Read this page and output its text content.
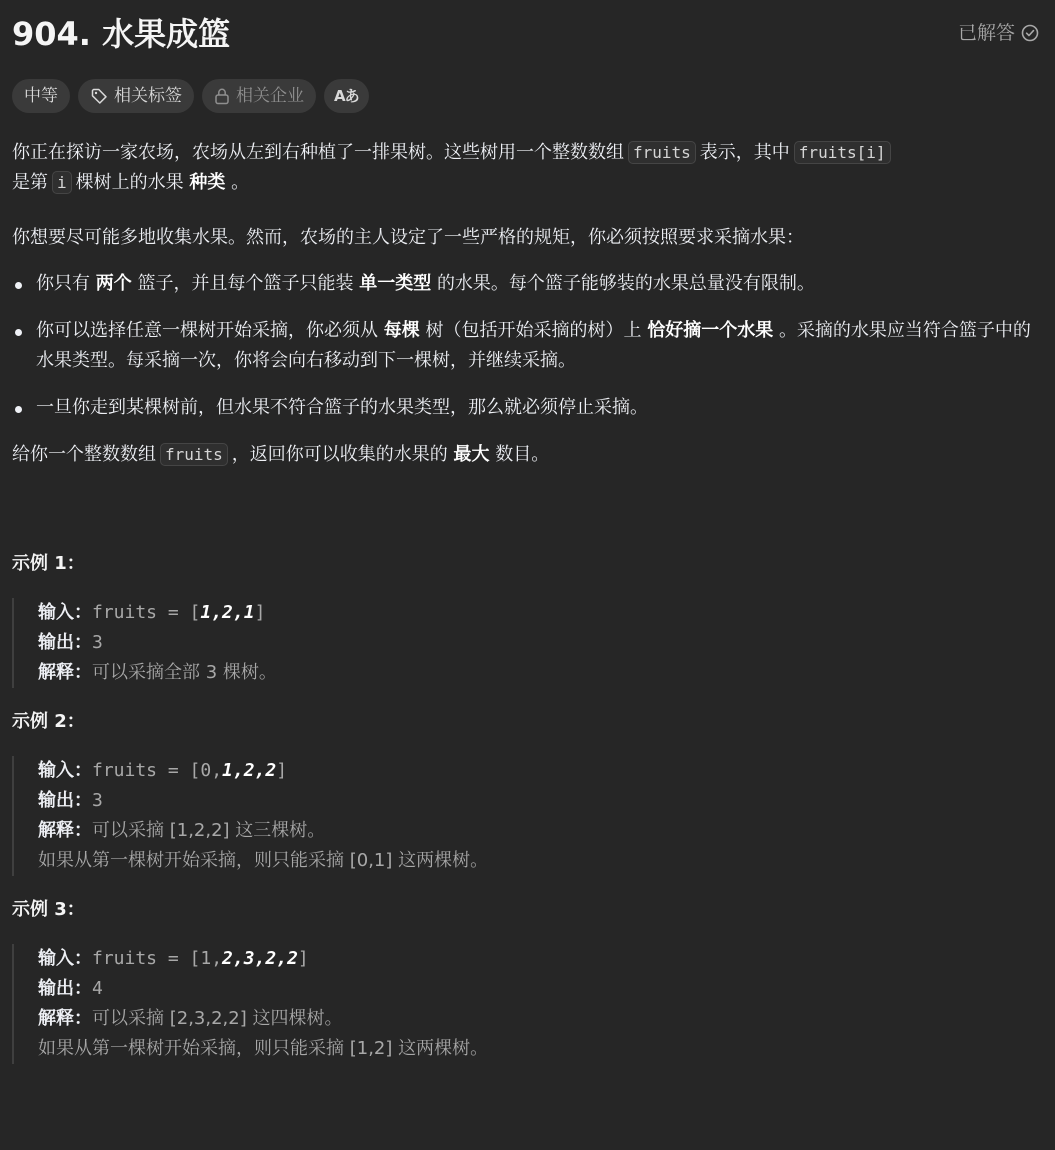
904. 水果成篮	已解答
中等	相关标签	相关企业 Aあ

你正在探访一家农场，农场从左到右种植了一排果树。这些树用一个整数数组 fruits 表示，其中 fruits[i]
是第 i 棵树上的水果 种类 。

你想要尽可能多地收集水果。然而，农场的主人设定了一些严格的规矩，你必须按照要求采摘水果：

你只有 两个 篮子，并且每个篮子只能装 单一类型 的水果。每个篮子能够装的水果总量没有限制。
你可以选择任意一棵树开始采摘，你必须从 每棵 树（包括开始采摘的树）上 恰好摘一个水果 。采摘的水果应当符合篮子中的水果类型。每采摘一次，你将会向右移动到下一棵树，并继续采摘。
一旦你走到某棵树前，但水果不符合篮子的水果类型，那么就必须停止采摘。

给你一个整数数组 fruits ，返回你可以收集的水果的 最大 数目。

示例 1：
输入：fruits = [1,2,1]
输出：3
解释：可以采摘全部 3 棵树。
示例 2：
输入：fruits = [0,1,2,2]
输出：3
解释：可以采摘 [1,2,2] 这三棵树。
如果从第一棵树开始采摘，则只能采摘 [0,1] 这两棵树。
示例 3：
输入：fruits = [1,2,3,2,2]
输出：4
解释：可以采摘 [2,3,2,2] 这四棵树。
如果从第一棵树开始采摘，则只能采摘 [1,2] 这两棵树。
